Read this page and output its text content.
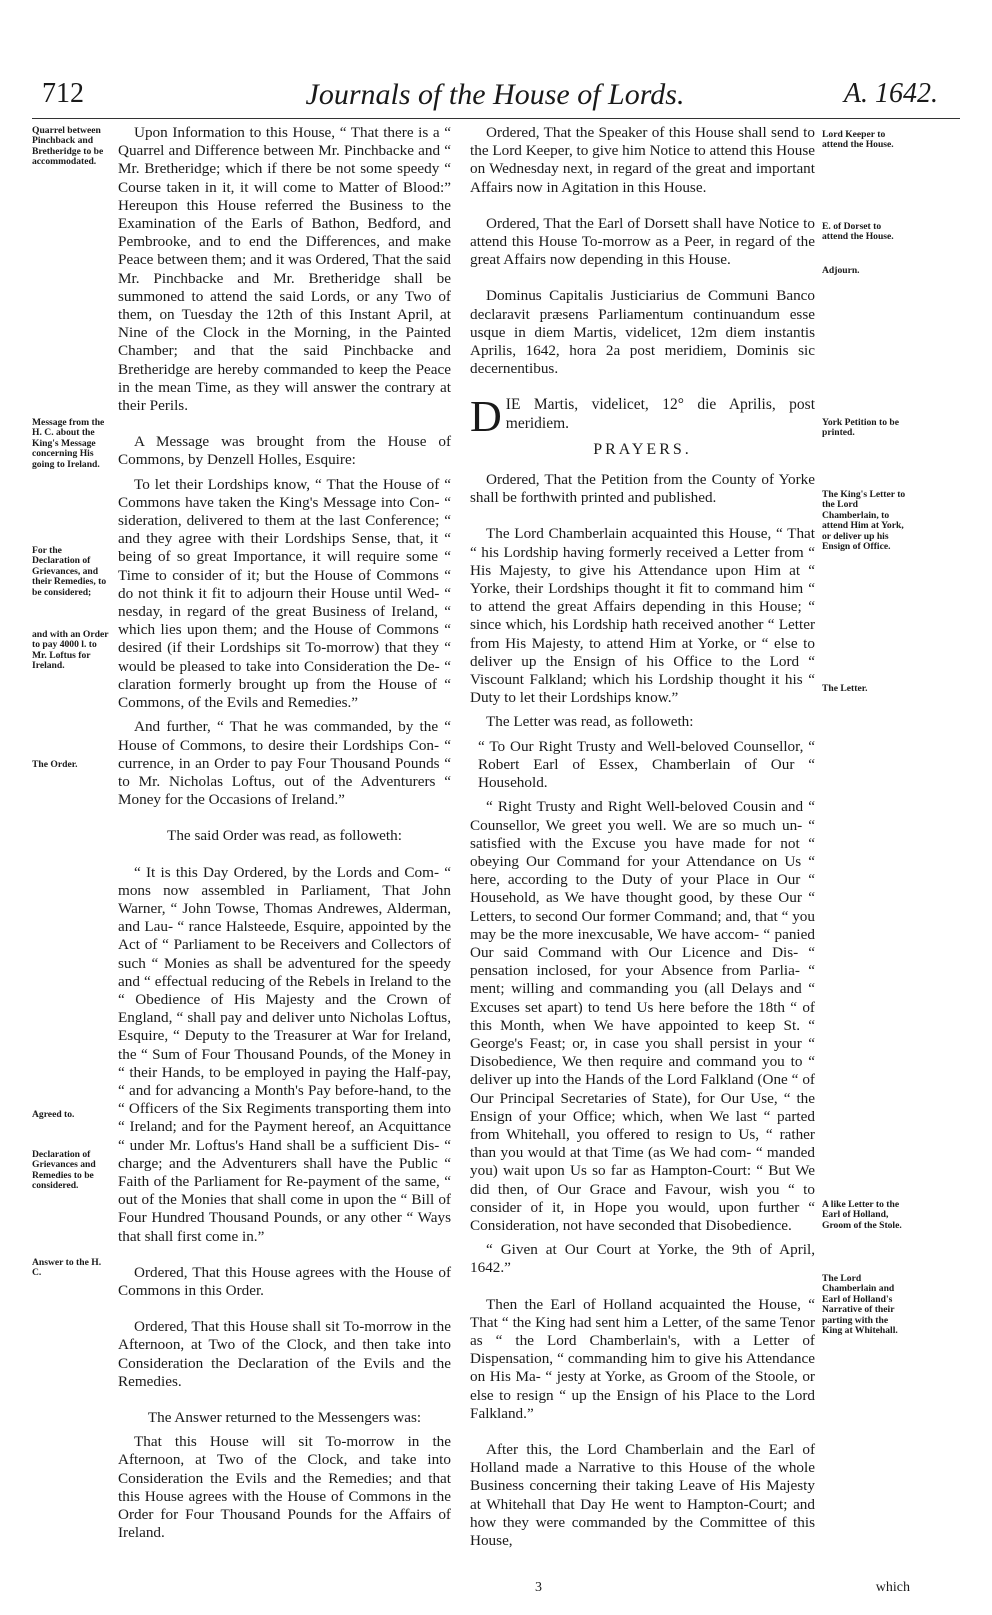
712	Journals of the House of Lords.	A. 1642.
Quarrel between Pinchback and Bretheridge to be accommodated.
Message from the H. C. about the King's Message concerning His going to Ireland.
For the Declaration of Grievances, and their Remedies, to be considered;
and with an Order to pay 4000 l. to Mr. Loftus for Ireland.
The Order.
Agreed to.
Declaration of Grievances and Remedies to be considered.
Answer to the H. C.
Lord Keeper to attend the House.
E. of Dorset to attend the House.
Adjourn.
York Petition to be printed.
The King's Letter to the Lord Chamberlain, to attend Him at York, or deliver up his Ensign of Office.
The Letter.
A like Letter to the Earl of Holland, Groom of the Stole.
The Lord Chamberlain and Earl of Holland's Narrative of their parting with the King at Whitehall.

Upon Information to this House, “ That there is a “ Quarrel and Difference between Mr. Pinchbacke and “ Mr. Bretheridge; which if there be not some speedy “ Course taken in it, it will come to Matter of Blood:” Hereupon this House referred the Business to the Examination of the Earls of Bathon, Bedford, and Pembrooke, and to end the Differences, and make Peace between them; and it was Ordered, That the said Mr. Pinchbacke and Mr. Bretheridge shall be summoned to attend the said Lords, or any Two of them, on Tuesday the 12th of this Instant April, at Nine of the Clock in the Morning, in the Painted Chamber; and that the said Pinchbacke and Bretheridge are hereby commanded to keep the Peace in the mean Time, as they will answer the contrary at their Perils.

A Message was brought from the House of Commons, by Denzell Holles, Esquire:

To let their Lordships know, “ That the House of “ Commons have taken the King's Message into Con- “ sideration, delivered to them at the last Conference; “ and they agree with their Lordships Sense, that, it “ being of so great Importance, it will require some “ Time to consider of it; but the House of Commons “ do not think it fit to adjourn their House until Wed- “ nesday, in regard of the great Business of Ireland, “ which lies upon them; and the House of Commons “ desired (if their Lordships sit To-morrow) that they “ would be pleased to take into Consideration the De- “ claration formerly brought up from the House of “ Commons, of the Evils and Remedies.”

And further, “ That he was commanded, by the “ House of Commons, to desire their Lordships Con- “ currence, in an Order to pay Four Thousand Pounds “ to Mr. Nicholas Loftus, out of the Adventurers “ Money for the Occasions of Ireland.”

The said Order was read, as followeth:

“ It is this Day Ordered, by the Lords and Com- “ mons now assembled in Parliament, That John Warner, “ John Towse, Thomas Andrewes, Alderman, and Lau- “ rance Halsteede, Esquire, appointed by the Act of “ Parliament to be Receivers and Collectors of such “ Monies as shall be adventured for the speedy and “ effectual reducing of the Rebels in Ireland to the “ Obedience of His Majesty and the Crown of England, “ shall pay and deliver unto Nicholas Loftus, Esquire, “ Deputy to the Treasurer at War for Ireland, the “ Sum of Four Thousand Pounds, of the Money in “ their Hands, to be employed in paying the Half-pay, “ and for advancing a Month's Pay before-hand, to the “ Officers of the Six Regiments transporting them into “ Ireland; and for the Payment hereof, an Acquittance “ under Mr. Loftus's Hand shall be a sufficient Dis- “ charge; and the Adventurers shall have the Public “ Faith of the Parliament for Re-payment of the same, “ out of the Monies that shall come in upon the “ Bill of Four Hundred Thousand Pounds, or any other “ Ways that shall first come in.”

Ordered, That this House agrees with the House of Commons in this Order.

Ordered, That this House shall sit To-morrow in the Afternoon, at Two of the Clock, and then take into Consideration the Declaration of the Evils and the Remedies.

The Answer returned to the Messengers was:

That this House will sit To-morrow in the Afternoon, at Two of the Clock, and take into Consideration the Evils and the Remedies; and that this House agrees with the House of Commons in the Order for Four Thousand Pounds for the Affairs of Ireland.

Ordered, That the Speaker of this House shall send to the Lord Keeper, to give him Notice to attend this House on Wednesday next, in regard of the great and important Affairs now in Agitation in this House.

Ordered, That the Earl of Dorsett shall have Notice to attend this House To-morrow as a Peer, in regard of the great Affairs now depending in this House.

Dominus Capitalis Justiciarius de Communi Banco declaravit præsens Parliamentum continuandum esse usque in diem Martis, videlicet, 12m diem instantis Aprilis, 1642, hora 2a post meridiem, Dominis sic decernentibus.

DIE Martis, videlicet, 12° die Aprilis, post meridiem.

PRAYERS.

Ordered, That the Petition from the County of Yorke shall be forthwith printed and published.

The Lord Chamberlain acquainted this House, “ That “ his Lordship having formerly received a Letter from “ His Majesty, to give his Attendance upon Him at “ Yorke, their Lordships thought it fit to command him “ to attend the great Affairs depending in this House; “ since which, his Lordship hath received another “ Letter from His Majesty, to attend Him at Yorke, or “ else to deliver up the Ensign of his Office to the Lord “ Viscount Falkland; which his Lordship thought it his “ Duty to let their Lordships know.”

The Letter was read, as followeth:

“ To Our Right Trusty and Well-beloved Counsellor, “ Robert Earl of Essex, Chamberlain of Our “ Household.

“ Right Trusty and Right Well-beloved Cousin and “ Counsellor, We greet you well. We are so much un- “ satisfied with the Excuse you have made for not “ obeying Our Command for your Attendance on Us “ here, according to the Duty of your Place in Our “ Household, as We have thought good, by these Our “ Letters, to second Our former Command; and, that “ you may be the more inexcusable, We have accom- “ panied Our said Command with Our Licence and Dis- “ pensation inclosed, for your Absence from Parlia- “ ment; willing and commanding you (all Delays and “ Excuses set apart) to tend Us here before the 18th “ of this Month, when We have appointed to keep St. “ George's Feast; or, in case you shall persist in your “ Disobedience, We then require and command you to “ deliver up into the Hands of the Lord Falkland (One “ of Our Principal Secretaries of State), for Our Use, “ the Ensign of your Office; which, when We last “ parted from Whitehall, you offered to resign to Us, “ rather than you would at that Time (as We had com- “ manded you) wait upon Us so far as Hampton-Court: “ But We did then, of Our Grace and Favour, wish you “ to consider of it, in Hope you would, upon further “ Consideration, not have seconded that Disobedience.

“ Given at Our Court at Yorke, the 9th of April, 1642.”

Then the Earl of Holland acquainted the House, “ That “ the King had sent him a Letter, of the same Tenor as “ the Lord Chamberlain's, with a Letter of Dispensation, “ commanding him to give his Attendance on His Ma- “ jesty at Yorke, as Groom of the Stoole, or else to resign “ up the Ensign of his Place to the Lord Falkland.”

After this, the Lord Chamberlain and the Earl of Holland made a Narrative to this House of the whole Business concerning their taking Leave of His Majesty at Whitehall that Day He went to Hampton-Court; and how they were commanded by the Committee of this House,

3	which
